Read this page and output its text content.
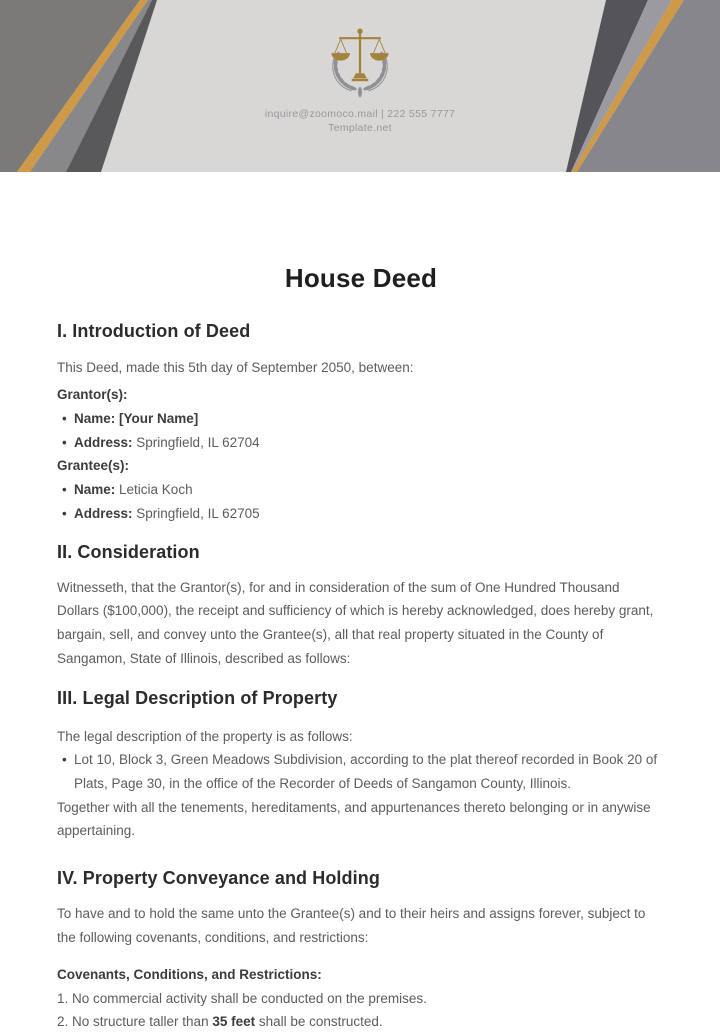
inquire@zoomoco.mail | 222 555 7777
Template.net
House Deed
I. Introduction of Deed

This Deed, made this 5th day of September 2050, between:

Grantor(s):
• Name: [Your Name]
• Address: Springfield, IL 62704
Grantee(s):
• Name: Leticia Koch
• Address: Springfield, IL 62705
II. Consideration

Witnesseth, that the Grantor(s), for and in consideration of the sum of One Hundred Thousand Dollars ($100,000), the receipt and sufficiency of which is hereby acknowledged, does hereby grant, bargain, sell, and convey unto the Grantee(s), all that real property situated in the County of Sangamon, State of Illinois, described as follows:

III. Legal Description of Property

The legal description of the property is as follows:

• Lot 10, Block 3, Green Meadows Subdivision, according to the plat thereof recorded in Book 20 of Plats, Page 30, in the office of the Recorder of Deeds of Sangamon County, Illinois.

Together with all the tenements, hereditaments, and appurtenances thereto belonging or in anywise appertaining.

IV. Property Conveyance and Holding

To have and to hold the same unto the Grantee(s) and to their heirs and assigns forever, subject to the following covenants, conditions, and restrictions:

Covenants, Conditions, and Restrictions:

1. No commercial activity shall be conducted on the premises.
2. No structure taller than 35 feet shall be constructed.
